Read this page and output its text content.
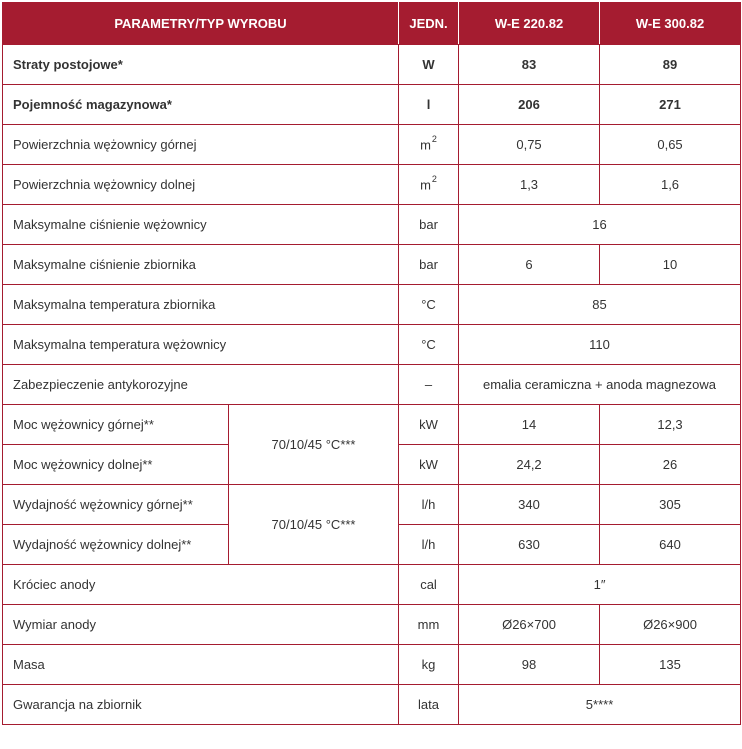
PARAMETRY/TYP WYROBU		JEDN.	W-E 220.82	W-E 300.82
Straty postojowe*		W	83	89
Pojemność magazynowa*		l	206	271
Powierzchnia wężownicy górnej		$m^2$	0,75	0,65
Powierzchnia wężownicy dolnej		$m^2$	1,3	1,6
Maksymalne ciśnienie wężownicy		bar	16	
Maksymalne ciśnienie zbiornika		bar	6	10
Maksymalna temperatura zbiornika		°C	85	
Maksymalna temperatura wężownicy		°C	110	
Zabezpieczenie antykorozyjne		–	emalia ceramiczna + anoda magnezowa	
Moc wężownicy górnej**	70/10/45 °C***	kW	14	12,3
Moc wężownicy dolnej**		kW	24,2	26
Wydajność wężownicy górnej**	70/10/45 °C***	l/h	340	305
Wydajność wężownicy dolnej**		l/h	630	640
Króciec anody		cal	1″	
Wymiar anody		mm	Ø26×700	Ø26×900
Masa		kg	98	135
Gwarancja na zbiornik		lata	5****	
